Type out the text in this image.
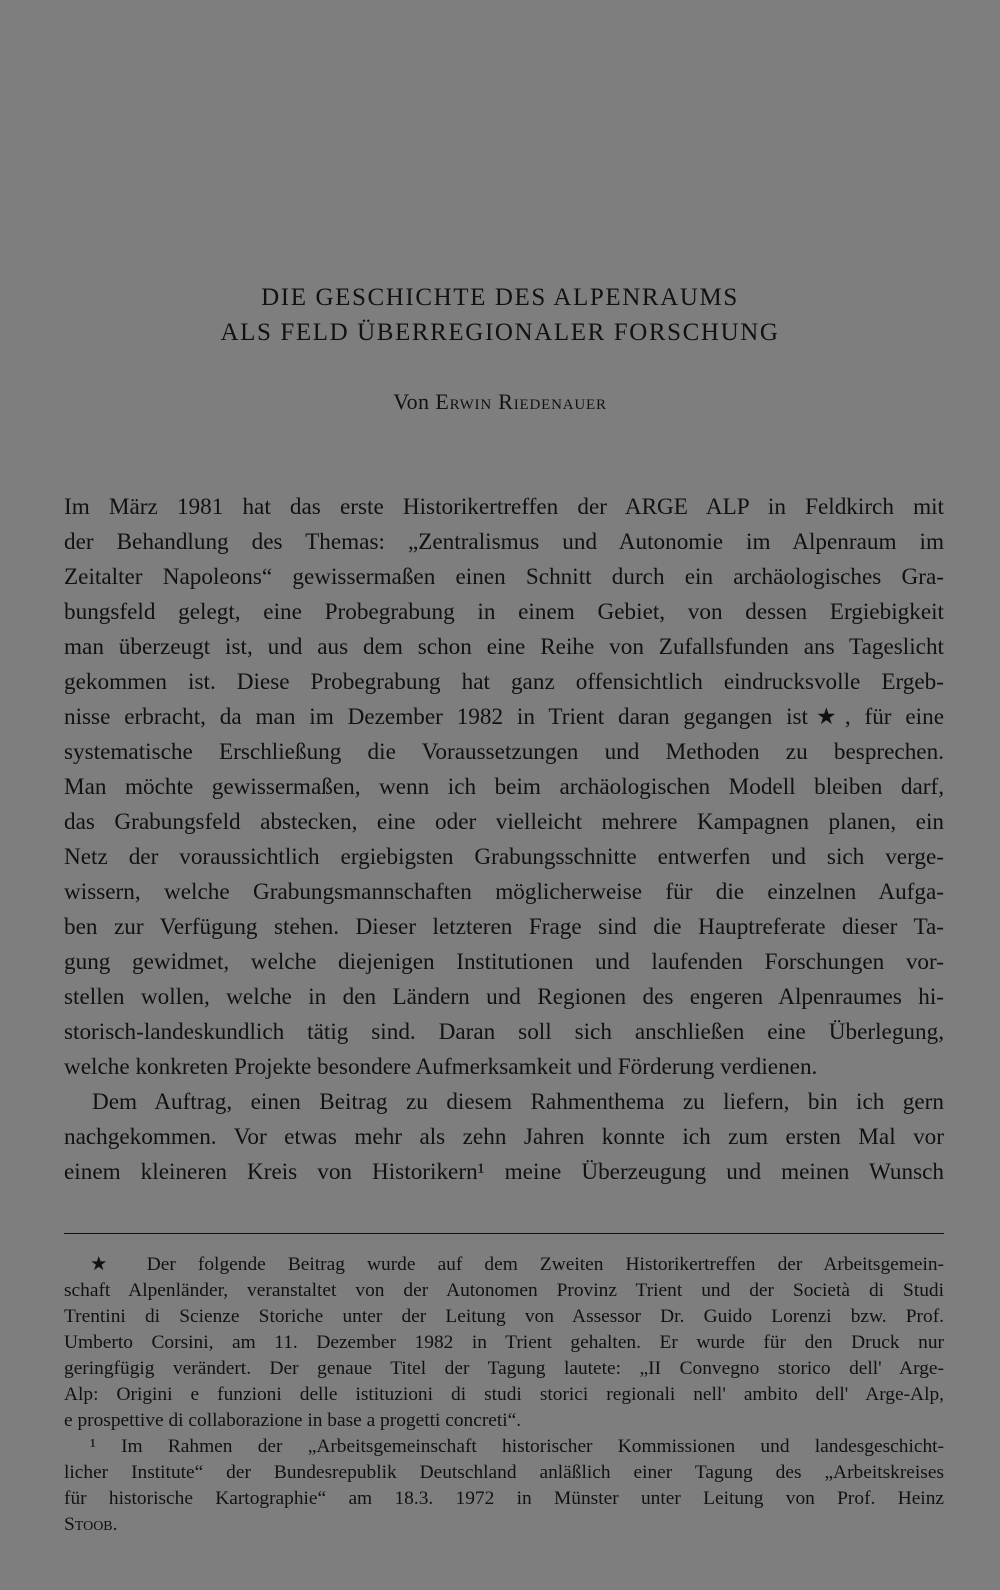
DIE GESCHICHTE DES ALPENRAUMS
ALS FELD ÜBERREGIONALER FORSCHUNG
Von Erwin Riedenauer
Im März 1981 hat das erste Historikertreffen der ARGE ALP in Feldkirch mit
der Behandlung des Themas: „Zentralismus und Autonomie im Alpenraum im
Zeitalter Napoleons“ gewissermaßen einen Schnitt durch ein archäologisches Gra-
bungsfeld gelegt, eine Probegrabung in einem Gebiet, von dessen Ergiebigkeit
man überzeugt ist, und aus dem schon eine Reihe von Zufallsfunden ans Tageslicht
gekommen ist. Diese Probegrabung hat ganz offensichtlich eindrucksvolle Ergeb-
nisse erbracht, da man im Dezember 1982 in Trient daran gegangen ist★, für eine
systematische Erschließung die Voraussetzungen und Methoden zu besprechen.
Man möchte gewissermaßen, wenn ich beim archäologischen Modell bleiben darf,
das Grabungsfeld abstecken, eine oder vielleicht mehrere Kampagnen planen, ein
Netz der voraussichtlich ergiebigsten Grabungsschnitte entwerfen und sich verge-
wissern, welche Grabungsmannschaften möglicherweise für die einzelnen Aufga-
ben zur Verfügung stehen. Dieser letzteren Frage sind die Hauptreferate dieser Ta-
gung gewidmet, welche diejenigen Institutionen und laufenden Forschungen vor-
stellen wollen, welche in den Ländern und Regionen des engeren Alpenraumes hi-
storisch-landeskundlich tätig sind. Daran soll sich anschließen eine Überlegung,
welche konkreten Projekte besondere Aufmerksamkeit und Förderung verdienen.
Dem Auftrag, einen Beitrag zu diesem Rahmenthema zu liefern, bin ich gern
nachgekommen. Vor etwas mehr als zehn Jahren konnte ich zum ersten Mal vor
einem kleineren Kreis von Historikern¹ meine Überzeugung und meinen Wunsch
★ Der folgende Beitrag wurde auf dem Zweiten Historikertreffen der Arbeitsgemein-
schaft Alpenländer, veranstaltet von der Autonomen Provinz Trient und der Società di Studi
Trentini di Scienze Storiche unter der Leitung von Assessor Dr. Guido Lorenzi bzw. Prof.
Umberto Corsini, am 11. Dezember 1982 in Trient gehalten. Er wurde für den Druck nur
geringfügig verändert. Der genaue Titel der Tagung lautete: „II Convegno storico dell' Arge-
Alp: Origini e funzioni delle istituzioni di studi storici regionali nell' ambito dell' Arge-Alp,
e prospettive di collaborazione in base a progetti concreti“.
¹ Im Rahmen der „Arbeitsgemeinschaft historischer Kommissionen und landesgeschicht-
licher Institute“ der Bundesrepublik Deutschland anläßlich einer Tagung des „Arbeitskreises
für historische Kartographie“ am 18.3. 1972 in Münster unter Leitung von Prof. Heinz
Stoob.
